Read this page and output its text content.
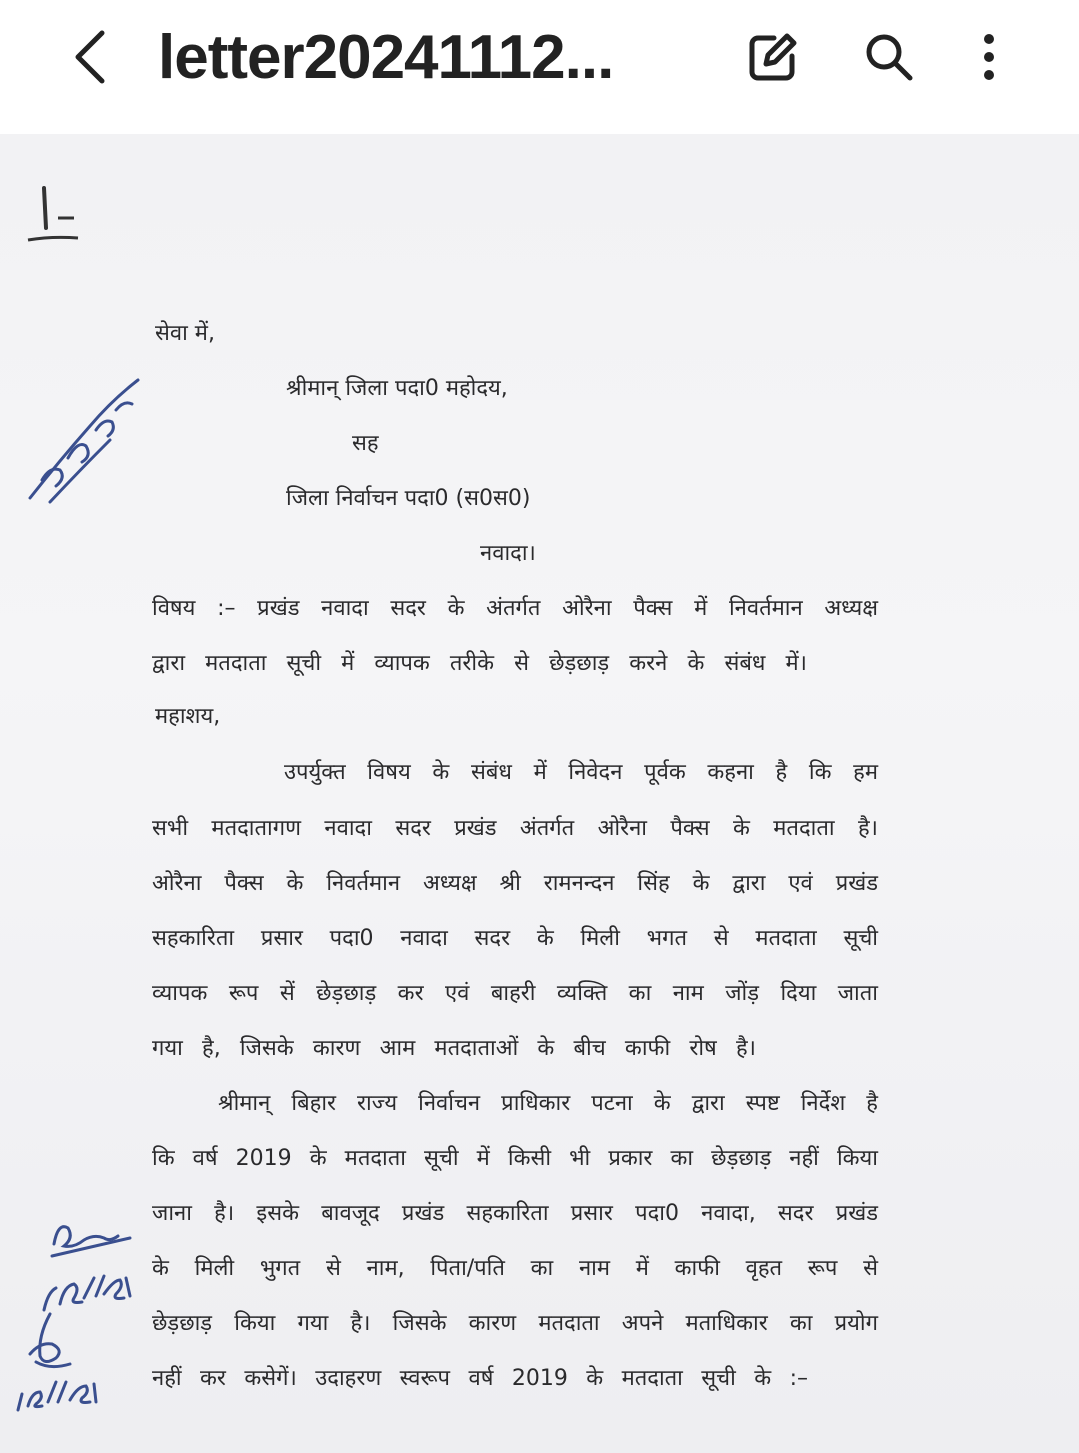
letter20241112...
सेवा में,
श्रीमान् जिला पदा0 महोदय,
सह
जिला निर्वाचन पदा0 (स0स0)
नवादा।
विषय :– प्रखंड नवादा सदर के अंतर्गत ओरैना पैक्स में निवर्तमान अध्यक्ष
द्वारा मतदाता सूची में व्यापक तरीके से छेड़छाड़ करने के संबंध में।
महाशय,
उपर्युक्त विषय के संबंध में निवेदन पूर्वक कहना है कि हम
सभी मतदातागण नवादा सदर प्रखंड अंतर्गत ओरैना पैक्स के मतदाता है।
ओरैना पैक्स के निवर्तमान अध्यक्ष श्री रामनन्दन सिंह के द्वारा एवं प्रखंड
सहकारिता प्रसार पदा0 नवादा सदर के मिली भगत से मतदाता सूची
व्यापक रूप सें छेड़छाड़ कर एवं बाहरी व्यक्ति का नाम जोंड़ दिया जाता
गया है, जिसके कारण आम मतदाताओं के बीच काफी रोष है।
श्रीमान् बिहार राज्य निर्वाचन प्राधिकार पटना के द्वारा स्पष्ट निर्देश है
कि वर्ष 2019 के मतदाता सूची में किसी भी प्रकार का छेड़छाड़ नहीं किया
जाना है। इसके बावजूद प्रखंड सहकारिता प्रसार पदा0 नवादा, सदर प्रखंड
के मिली भुगत से नाम, पिता/पति का नाम में काफी वृहत रूप से
छेड़छाड़ किया गया है। जिसके कारण मतदाता अपने मताधिकार का प्रयोग
नहीं कर कसेगें। उदाहरण स्वरूप वर्ष 2019 के मतदाता सूची के :–
